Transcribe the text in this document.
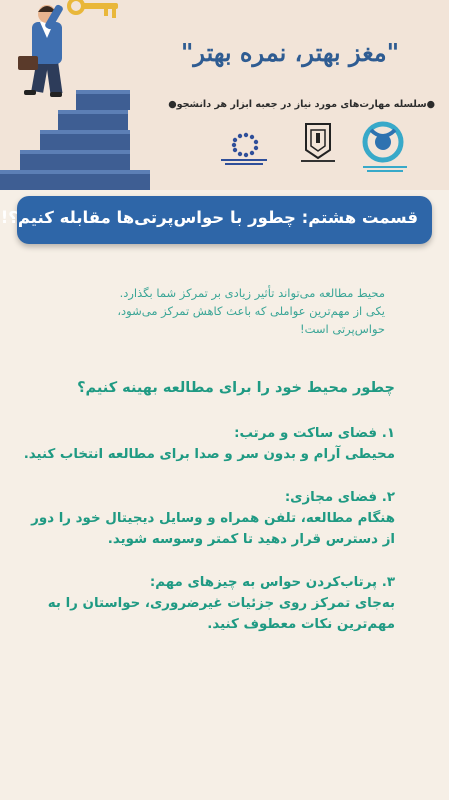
"مغز بهتر، نمره بهتر"
●سلسله مهارت‌های مورد نیاز در جعبه ابزار هر دانشجو●
قسمت هشتم: چطور با حواس‌پرتی‌ها مقابله کنیم؟!
محیط مطالعه می‌تواند تأثیر زیادی بر تمرکز شما بگذارد.
یکی از مهم‌ترین عواملی که باعث کاهش تمرکز می‌شود،
حواس‌پرتی است!
چطور محیط خود را برای مطالعه بهینه کنیم؟
۱. فضای ساکت و مرتب:
محیطی آرام و بدون سر و صدا برای مطالعه انتخاب کنید.
۲. فضای مجازی:
هنگام مطالعه، تلفن همراه و وسایل دیجیتال خود را دور
از دسترس قرار دهید تا کمتر وسوسه شوید.
۳. پرتاب‌کردن حواس به چیزهای مهم:
به‌جای تمرکز روی جزئیات غیرضروری، حواستان را به
مهم‌ترین نکات معطوف کنید.
